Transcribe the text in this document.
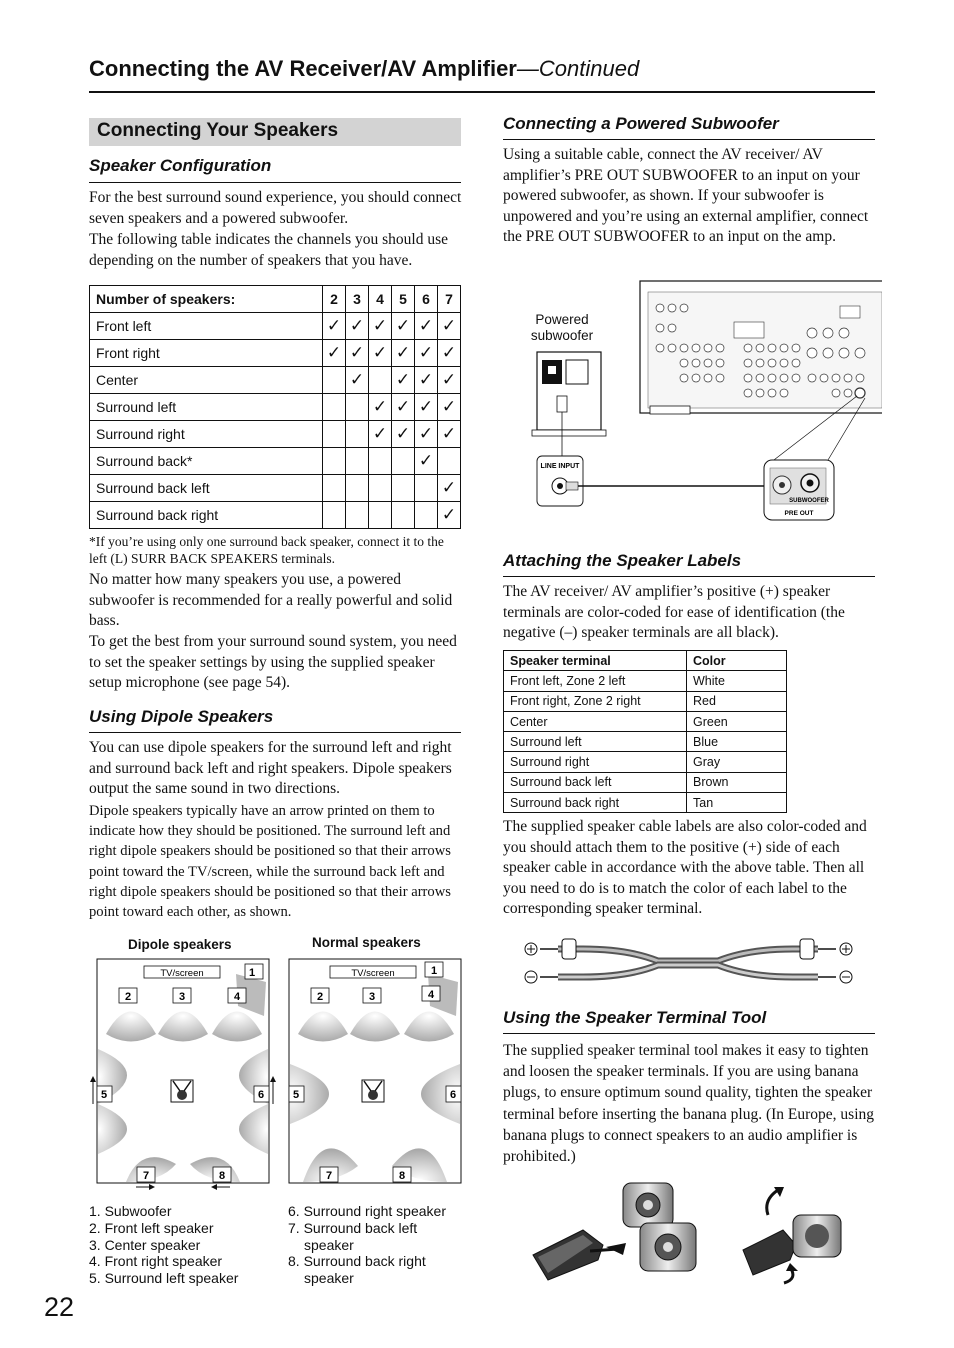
Connecting the AV Receiver/AV Amplifier—Continued
Connecting Your Speakers
Speaker Configuration
For the best surround sound experience, you should connect seven speakers and a powered subwoofer.
The following table indicates the channels you should use depending on the number of speakers that you have.
Number of speakers:	2	3	4	5	6	7
Front left	✓	✓	✓	✓	✓	✓
Front right	✓	✓	✓	✓	✓	✓
Center		✓		✓	✓	✓
Surround left			✓	✓	✓	✓
Surround right			✓	✓	✓	✓
Surround back*					✓	
Surround back left						✓
Surround back right						✓
*If you’re using only one surround back speaker, connect it to the left (L) SURR BACK SPEAKERS terminals.
No matter how many speakers you use, a powered subwoofer is recommended for a really powerful and solid bass.
To get the best from your surround sound system, you need to set the speaker settings by using the supplied speaker setup microphone (see page 54).
Using Dipole Speakers
You can use dipole speakers for the surround left and right and surround back left and right speakers. Dipole speakers output the same sound in two directions.
Dipole speakers typically have an arrow printed on them to indicate how they should be positioned. The surround left and right dipole speakers should be positioned so that their arrows point toward the TV/screen, while the surround back left and right dipole speakers should be positioned so that their arrows point toward each other, as shown.
Dipole speakers	Normal speakers
TV/screen	1
2	3	4
5	6
7	8
TV/screen	1
2	3	4
5	6
7	8
1. Subwoofer
2. Front left speaker
3. Center speaker
4. Front right speaker
5. Surround left speaker
6. Surround right speaker
7. Surround back left
speaker
8. Surround back right
speaker
22
Connecting a Powered Subwoofer
Using a suitable cable, connect the AV receiver/ AV amplifier’s PRE OUT SUBWOOFER to an input on your powered subwoofer, as shown. If your subwoofer is unpowered and you’re using an external amplifier, connect the PRE OUT SUBWOOFER to an input on the amp.
Powered subwoofer
LINE INPUT
SUBWOOFER
PRE OUT
Attaching the Speaker Labels
The AV receiver/ AV amplifier’s positive (+) speaker terminals are color-coded for ease of identification (the negative (–) speaker terminals are all black).
Speaker terminal	Color
Front left, Zone 2 left	White
Front right, Zone 2 right	Red
Center	Green
Surround left	Blue
Surround right	Gray
Surround back left	Brown
Surround back right	Tan
The supplied speaker cable labels are also color-coded and you should attach them to the positive (+) side of each speaker cable in accordance with the above table. Then all you need to do is to match the color of each label to the corresponding speaker terminal.
Using the Speaker Terminal Tool
The supplied speaker terminal tool makes it easy to tighten and loosen the speaker terminals. If you are using banana plugs, to ensure optimum sound quality, tighten the speaker terminal before inserting the banana plug. (In Europe, using banana plugs to connect speakers to an audio amplifier is prohibited.)
